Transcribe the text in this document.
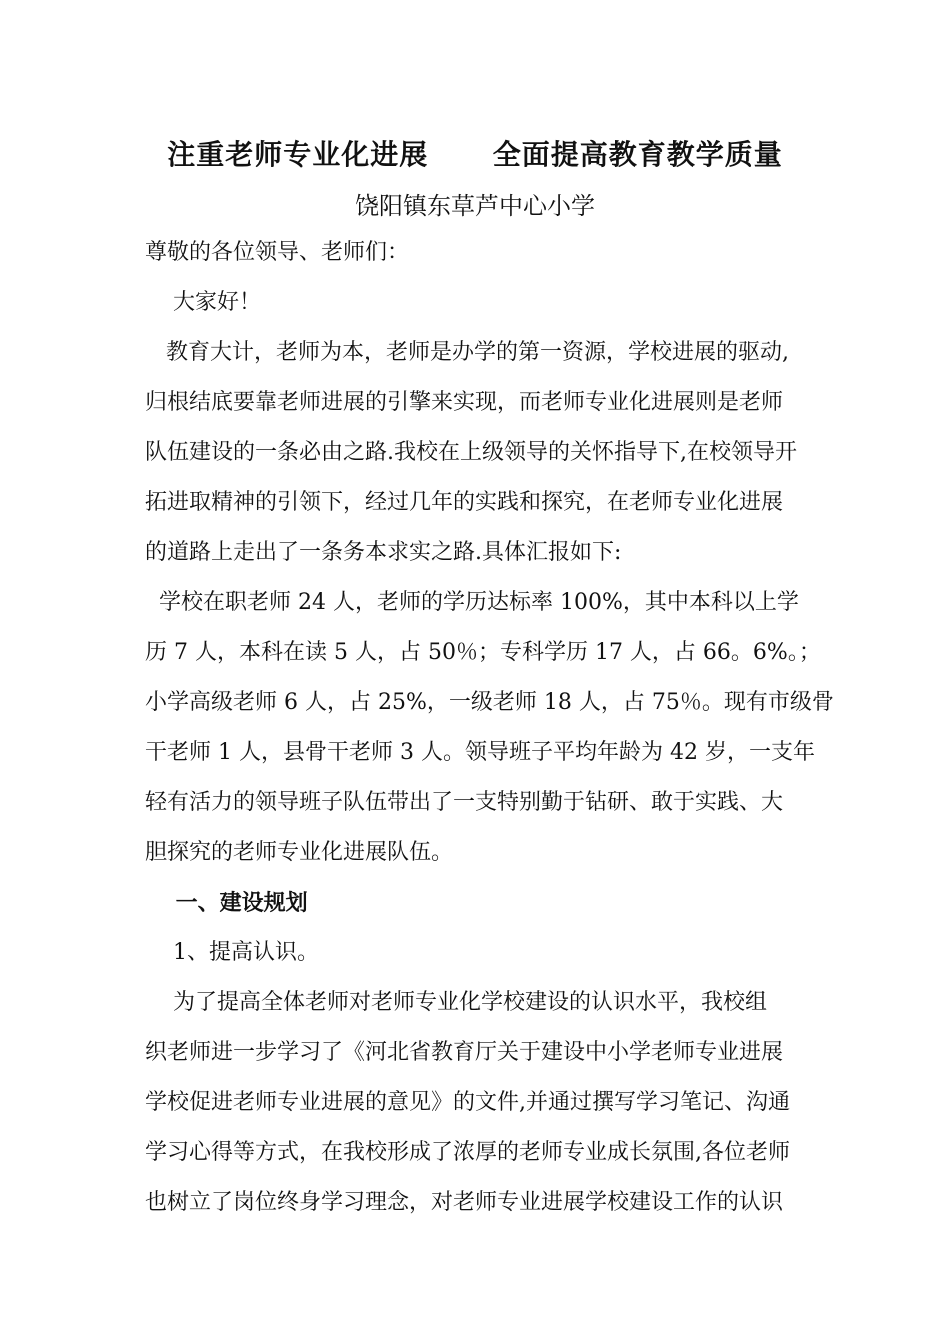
注重老师专业化进展      全面提高教育教学质量
饶阳镇东草芦中心小学
尊敬的各位领导、老师们：
大家好！
教育大计，老师为本，老师是办学的第一资源，学校进展的驱动,
归根结底要靠老师进展的引擎来实现，而老师专业化进展则是老师
队伍建设的一条必由之路.我校在上级领导的关怀指导下,在校领导开
拓进取精神的引领下，经过几年的实践和探究，在老师专业化进展
的道路上走出了一条务本求实之路.具体汇报如下:
学校在职老师 24 人，老师的学历达标率 100%，其中本科以上学
历 7 人，本科在读 5 人，占 50％；专科学历 17 人，占 66。6%。；
小学高级老师 6 人，占 25%，一级老师 18 人，占 75％。现有市级骨
干老师 1 人，县骨干老师 3 人。领导班子平均年龄为 42 岁，一支年
轻有活力的领导班子队伍带出了一支特别勤于钻研、敢于实践、大
胆探究的老师专业化进展队伍。
一、建设规划
1、提高认识。
为了提高全体老师对老师专业化学校建设的认识水平，我校组
织老师进一步学习了《河北省教育厅关于建设中小学老师专业进展
学校促进老师专业进展的意见》的文件,并通过撰写学习笔记、沟通
学习心得等方式，在我校形成了浓厚的老师专业成长氛围,各位老师
也树立了岗位终身学习理念，对老师专业进展学校建设工作的认识
